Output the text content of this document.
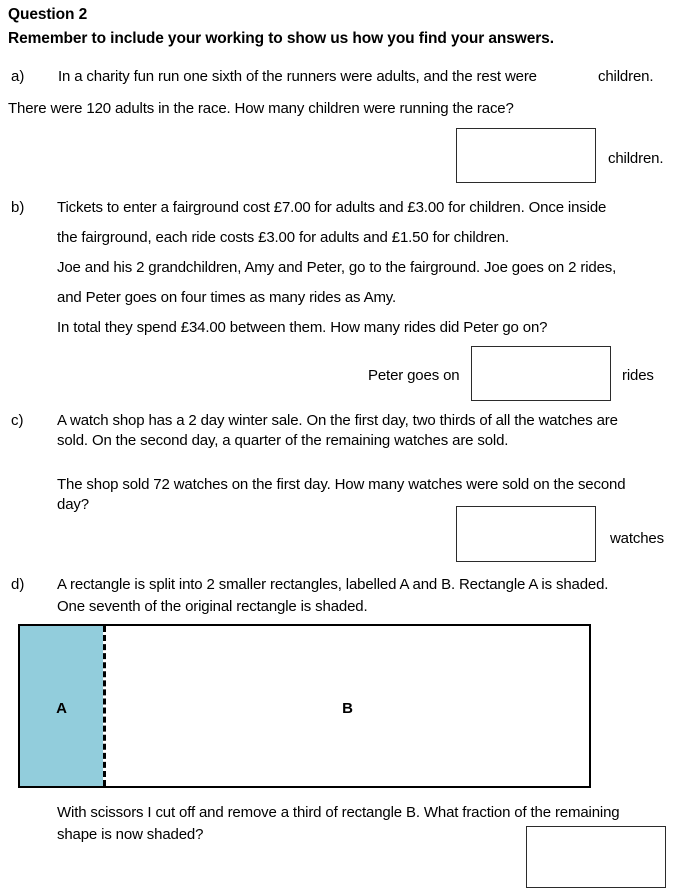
Question 2
Remember to include your working to show us how you find your answers.
a) In a charity fun run one sixth of the runners were adults, and the rest were	children.
There were 120 adults in the race. How many children were running the race?
children.
b) Tickets to enter a fairground cost £7.00 for adults and £3.00 for children. Once inside
the fairground, each ride costs £3.00 for adults and £1.50 for children.
Joe and his 2 grandchildren, Amy and Peter, go to the fairground. Joe goes on 2 rides,
and Peter goes on four times as many rides as Amy.
In total they spend £34.00 between them. How many rides did Peter go on?
Peter goes on	rides
c) A watch shop has a 2 day winter sale. On the first day, two thirds of all the watches are
sold. On the second day, a quarter of the remaining watches are sold.
The shop sold 72 watches on the first day. How many watches were sold on the second
day?
watches
d) A rectangle is split into 2 smaller rectangles, labelled A and B. Rectangle A is shaded.
One seventh of the original rectangle is shaded.
A	B
With scissors I cut off and remove a third of rectangle B. What fraction of the remaining
shape is now shaded?
